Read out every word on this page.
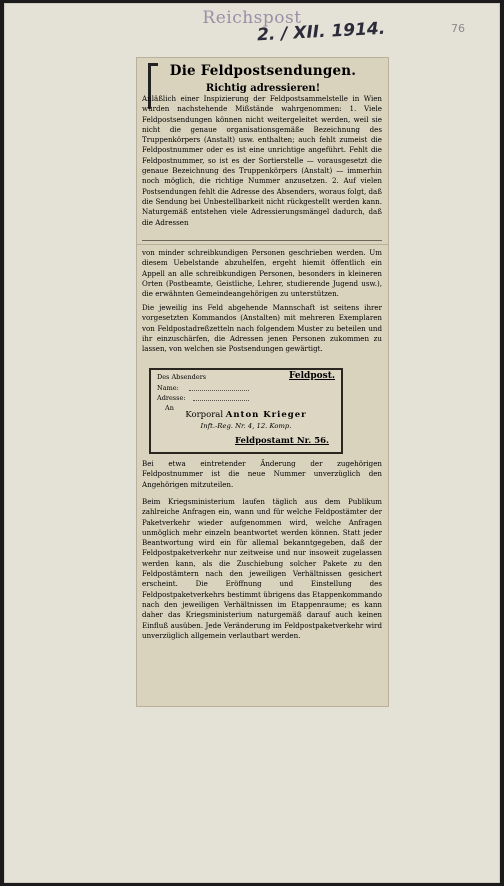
Reichspost
2. / XII. 1914.	76
Die Feldpostsendungen.
Richtig adressieren!

Anläßlich einer Inspizierung der Feldpostsammelstelle in Wien wurden nachstehende Mißstände wahrgenommen: 1. Viele Feldpostsendungen können nicht weitergeleitet werden, weil sie nicht die genaue organisationsgemäße Bezeichnung des Truppenkörpers (Anstalt) usw. enthalten; auch fehlt zumeist die Feldpostnummer oder es ist eine unrichtige angeführt. Fehlt die Feldpostnummer, so ist es der Sortierstelle — vorausgesetzt die genaue Bezeichnung des Truppenkörpers (Anstalt) — immerhin noch möglich, die richtige Nummer anzusetzen. 2. Auf vielen Postsendungen fehlt die Adresse des Absenders, woraus folgt, daß die Sendung bei Unbestellbarkeit nicht rückgestellt werden kann. Naturgemäß entstehen viele Adressierungsmängel dadurch, daß die Adressen

von minder schreibkundigen Personen geschrieben werden. Um diesem Uebelstande abzuhelfen, ergeht hiemit öffentlich ein Appell an alle schreibkundigen Personen, besonders in kleineren Orten (Postbeamte, Geistliche, Lehrer, studierende Jugend usw.), die erwähnten Gemeindeangehörigen zu unterstützen.

Die jeweilig ins Feld abgehende Mannschaft ist seitens ihrer vorgesetzten Kommandos (Anstalten) mit mehreren Exemplaren von Feldpostadreßzetteln nach folgendem Muster zu beteilen und ihr einzuschärfen, die Adressen jenen Personen zukommen zu lassen, von welchen sie Postsendungen gewärtigt.

Des Absenders	Feldpost.
Name:
Adresse:
An
Korporal Anton Krieger
Inft.-Reg. Nr. 4, 12. Komp.
Feldpostamt Nr. 56.

Bei etwa eintretender Änderung der zugehörigen Feldpostnummer ist die neue Nummer unverzüglich den Angehörigen mitzuteilen.

Beim Kriegsministerium laufen täglich aus dem Publikum zahlreiche Anfragen ein, wann und für welche Feldpostämter der Paketverkehr wieder aufgenommen wird, welche Anfragen unmöglich mehr einzeln beantwortet werden können. Statt jeder Beantwortung wird ein für allemal bekanntgegeben, daß der Feldpostpaketverkehr nur zeitweise und nur insoweit zugelassen werden kann, als die Zuschiebung solcher Pakete zu den Feldpostämtern nach den jeweiligen Verhältnissen gesichert erscheint. Die Eröffnung und Einstellung des Feldpostpaketverkehrs bestimmt übrigens das Etappenkommando nach den jeweiligen Verhältnissen im Etappenraume; es kann daher das Kriegsministerium naturgemäß darauf auch keinen Einfluß ausüben. Jede Veränderung im Feldpostpaketverkehr wird unverzüglich allgemein verlautbart werden.
